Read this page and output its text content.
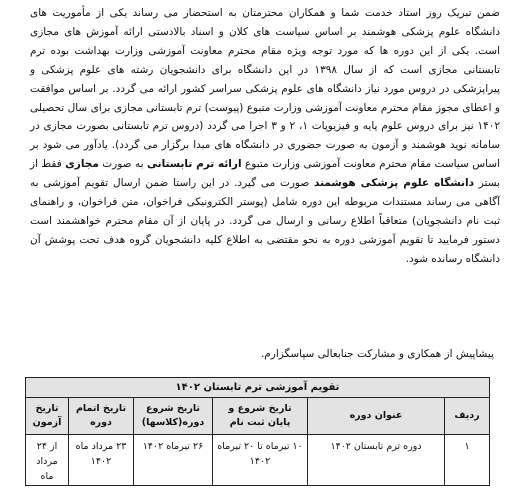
ضمن تبریک روز استاد خدمت شما و همکاران محترمتان به استحضار می رساند یکی از مأموریت های دانشگاه علوم پزشکی هوشمند بر اساس سیاست های کلان و اسناد بالادستی ارائه آموزش های مجازی است. یکی از این دوره ها که مورد توجه ویژه مقام محترم معاونت آموزشی وزارت بهداشت بوده ترم تابستانی مجازی است که از سال ۱۳۹۸ در این دانشگاه برای دانشجویان رشته های علوم پزشکی و پیراپزشکی در دروس مورد نیاز دانشگاه های علوم پزشکی سراسر کشور ارائه می گردد. بر اساس موافقت و اعطای مجوز مقام محترم معاونت آموزشی وزارت متبوع (پیوست) ترم تابستانی مجازی برای سال تحصیلی ۱۴۰۲ نیز برای دروس علوم پایه و فیزیوپات ۱، ۲ و ۳ اجرا می گردد (دروس ترم تابستانی بصورت مجازی در سامانه نوید هوشمند و آزمون به صورت حضوری در دانشگاه های مبدا برگزار می گردد). یادآور می شود بر اساس سیاست مقام محترم معاونت آموزشی وزارت متبوع ارائه ترم تابستانی به صورت مجازی فقط از بستر دانشگاه علوم پزشکی هوشمند صورت می گیرد. در این راستا ضمن ارسال تقویم آموزشی به آگاهی می رساند مستندات مربوطه این دوره شامل (پوستر الکترونیکی فراخوان، متن فراخوان، و راهنمای ثبت نام دانشجویان) متعاقباً اطلاع رسانی و ارسال می گردد. در پایان از آن مقام محترم خواهشمند است دستور فرمایید تا تقویم آموزشی دوره به نحو مقتضی به اطلاع کلیه دانشجویان گروه هدف تحت پوشش آن دانشگاه رسانده شود.

پیشاپیش از همکاری و مشارکت جنابعالی سپاسگزارم.

تقویم آموزشی ترم تابستان ۱۴۰۲					
ردیف	عنوان دوره	تاریخ شروع و پایان ثبت نام	تاریخ شروع دوره(کلاسها)	تاریخ اتمام دوره	تاریخ آزمون
۱	دوره ترم تابستان ۱۴۰۲	۱۰ تیرماه تا ۲۰ تیرماه ۱۴۰۲	۲۶ تیرماه ۱۴۰۲	۲۳ مرداد ماه ۱۴۰۲	از ۲۴ مرداد ماه
